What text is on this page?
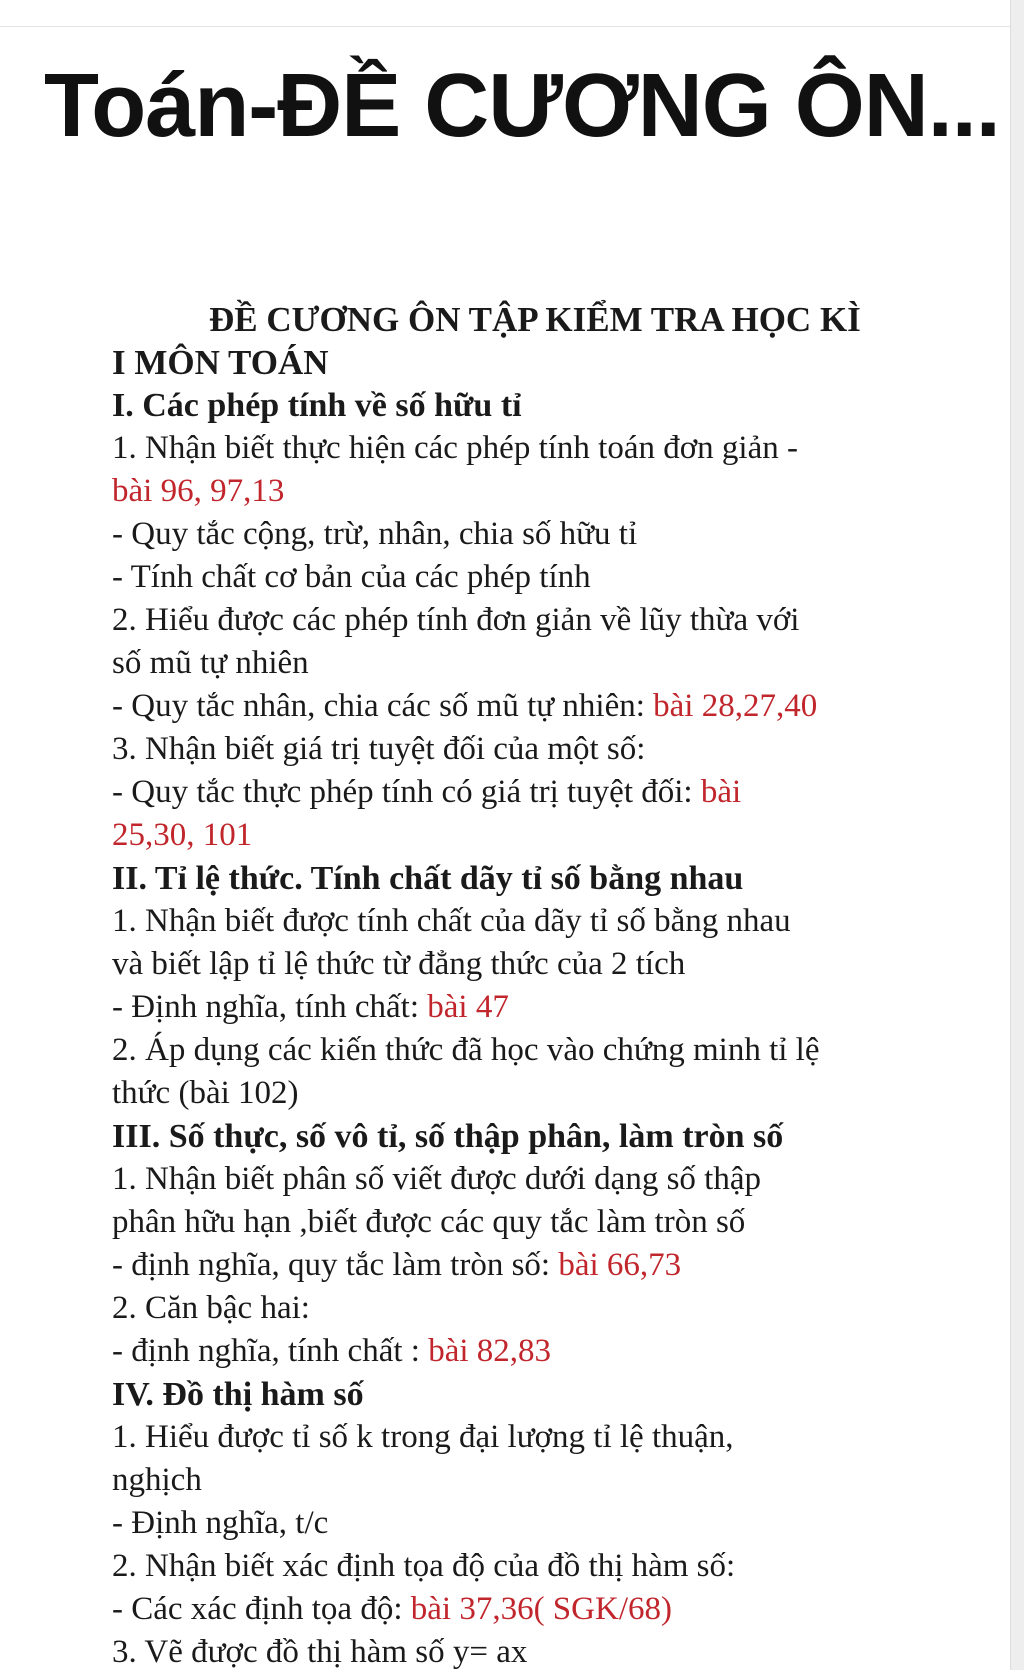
Toán-ĐỀ CƯƠNG ÔN...
ĐỀ CƯƠNG ÔN TẬP KIỂM TRA HỌC KÌ
I MÔN TOÁN
I. Các phép tính về số hữu tỉ
1. Nhận biết thực hiện các phép tính toán đơn giản -
bài 96, 97,13
- Quy tắc cộng, trừ, nhân, chia số hữu tỉ
- Tính chất cơ bản của các phép tính
2. Hiểu được các phép tính đơn giản về lũy thừa với
số mũ tự nhiên
- Quy tắc nhân, chia các số mũ tự nhiên: bài 28,27,40
3. Nhận biết giá trị tuyệt đối của một số:
- Quy tắc thực phép tính có giá trị tuyệt đối: bài
25,30, 101
II. Tỉ lệ thức. Tính chất dãy tỉ số bằng nhau
1. Nhận biết được tính chất của dãy tỉ số bằng nhau
và biết lập tỉ lệ thức từ đẳng thức của 2 tích
- Định nghĩa, tính chất: bài 47
2. Áp dụng các kiến thức đã học vào chứng minh tỉ lệ
thức (bài 102)
III. Số thực, số vô tỉ, số thập phân, làm tròn số
1. Nhận biết phân số viết được dưới dạng số thập
phân hữu hạn ,biết được các quy tắc làm tròn số
- định nghĩa, quy tắc làm tròn số: bài 66,73
2. Căn bậc hai:
- định nghĩa, tính chất : bài 82,83
IV. Đồ thị hàm số
1. Hiểu được tỉ số k trong đại lượng tỉ lệ thuận,
nghịch
- Định nghĩa, t/c
2. Nhận biết xác định tọa độ của đồ thị hàm số:
- Các xác định tọa độ: bài 37,36( SGK/68)
3. Vẽ được đồ thị hàm số y= ax
